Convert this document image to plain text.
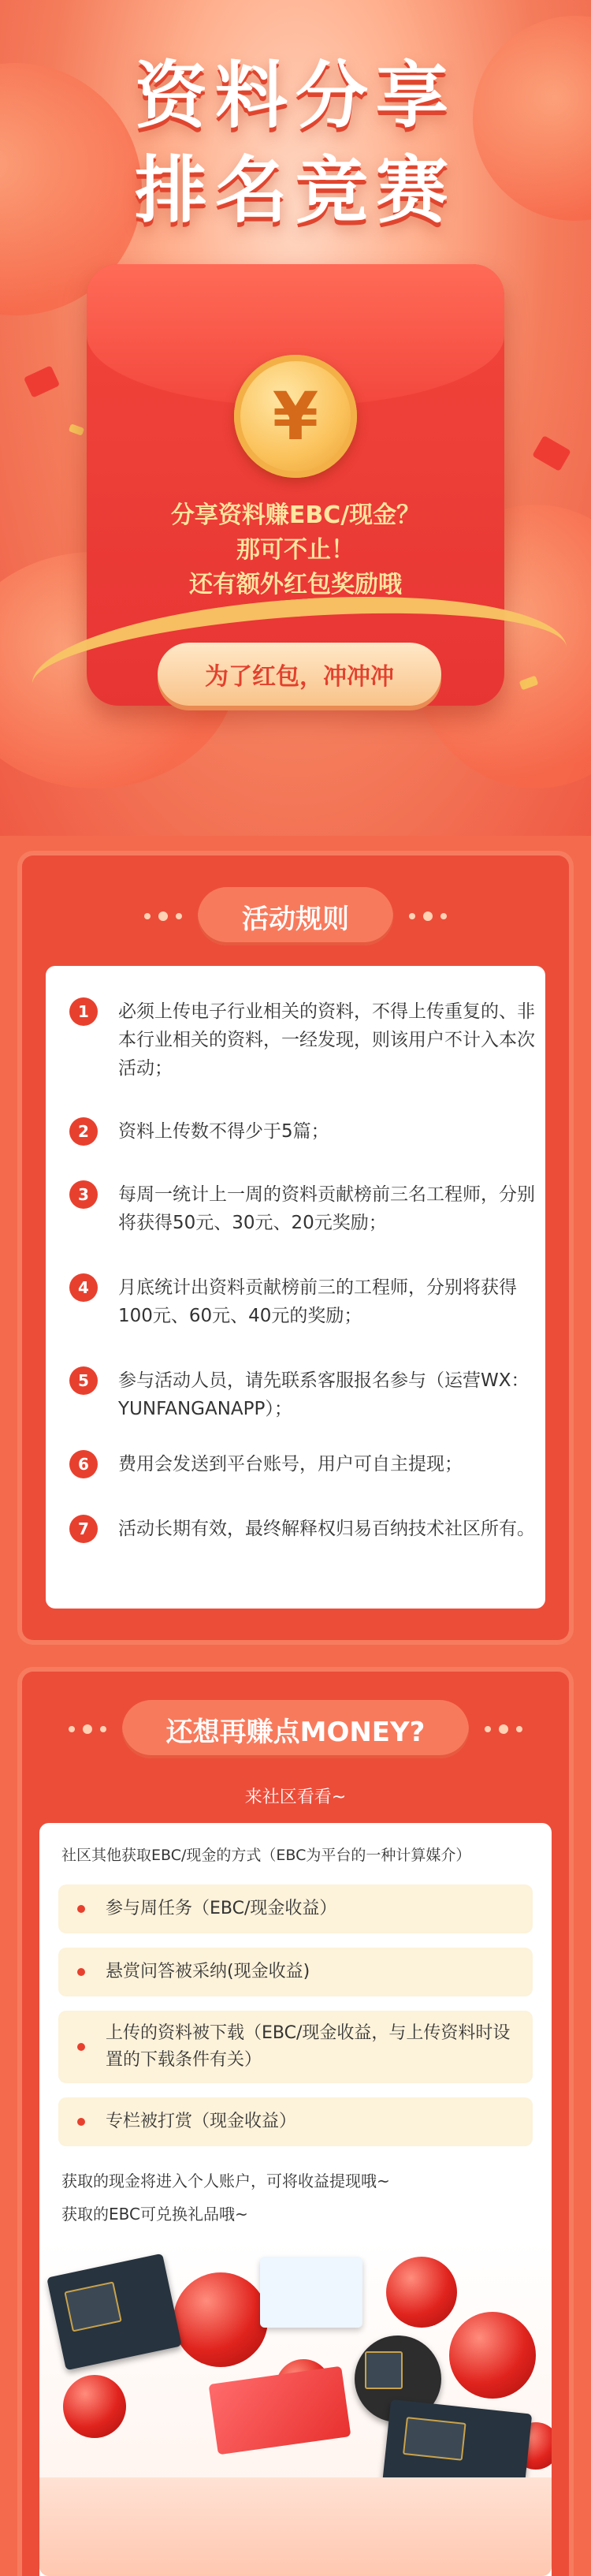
资料分享
排名竞赛
¥
分享资料赚EBC/现金？
那可不止！
还有额外红包奖励哦
为了红包，冲冲冲
活动规则
1	必须上传电子行业相关的资料，不得上传重复的、非本行业相关的资料，一经发现，则该用户不计入本次活动；
2	资料上传数不得少于5篇；
3	每周一统计上一周的资料贡献榜前三名工程师，分别将获得50元、30元、20元奖励；
4	月底统计出资料贡献榜前三的工程师，分别将获得100元、60元、40元的奖励；
5	参与活动人员，请先联系客服报名参与（运营WX：YUNFANGANAPP）；
6	费用会发送到平台账号，用户可自主提现；
7	活动长期有效，最终解释权归易百纳技术社区所有。
还想再赚点MONEY?
来社区看看~
社区其他获取EBC/现金的方式（EBC为平台的一种计算媒介）
参与周任务（EBC/现金收益）
悬赏问答被采纳(现金收益)
上传的资料被下载（EBC/现金收益，与上传资料时设置的下载条件有关）
专栏被打赏（现金收益）
获取的现金将进入个人账户，可将收益提现哦~
获取的EBC可兑换礼品哦~
